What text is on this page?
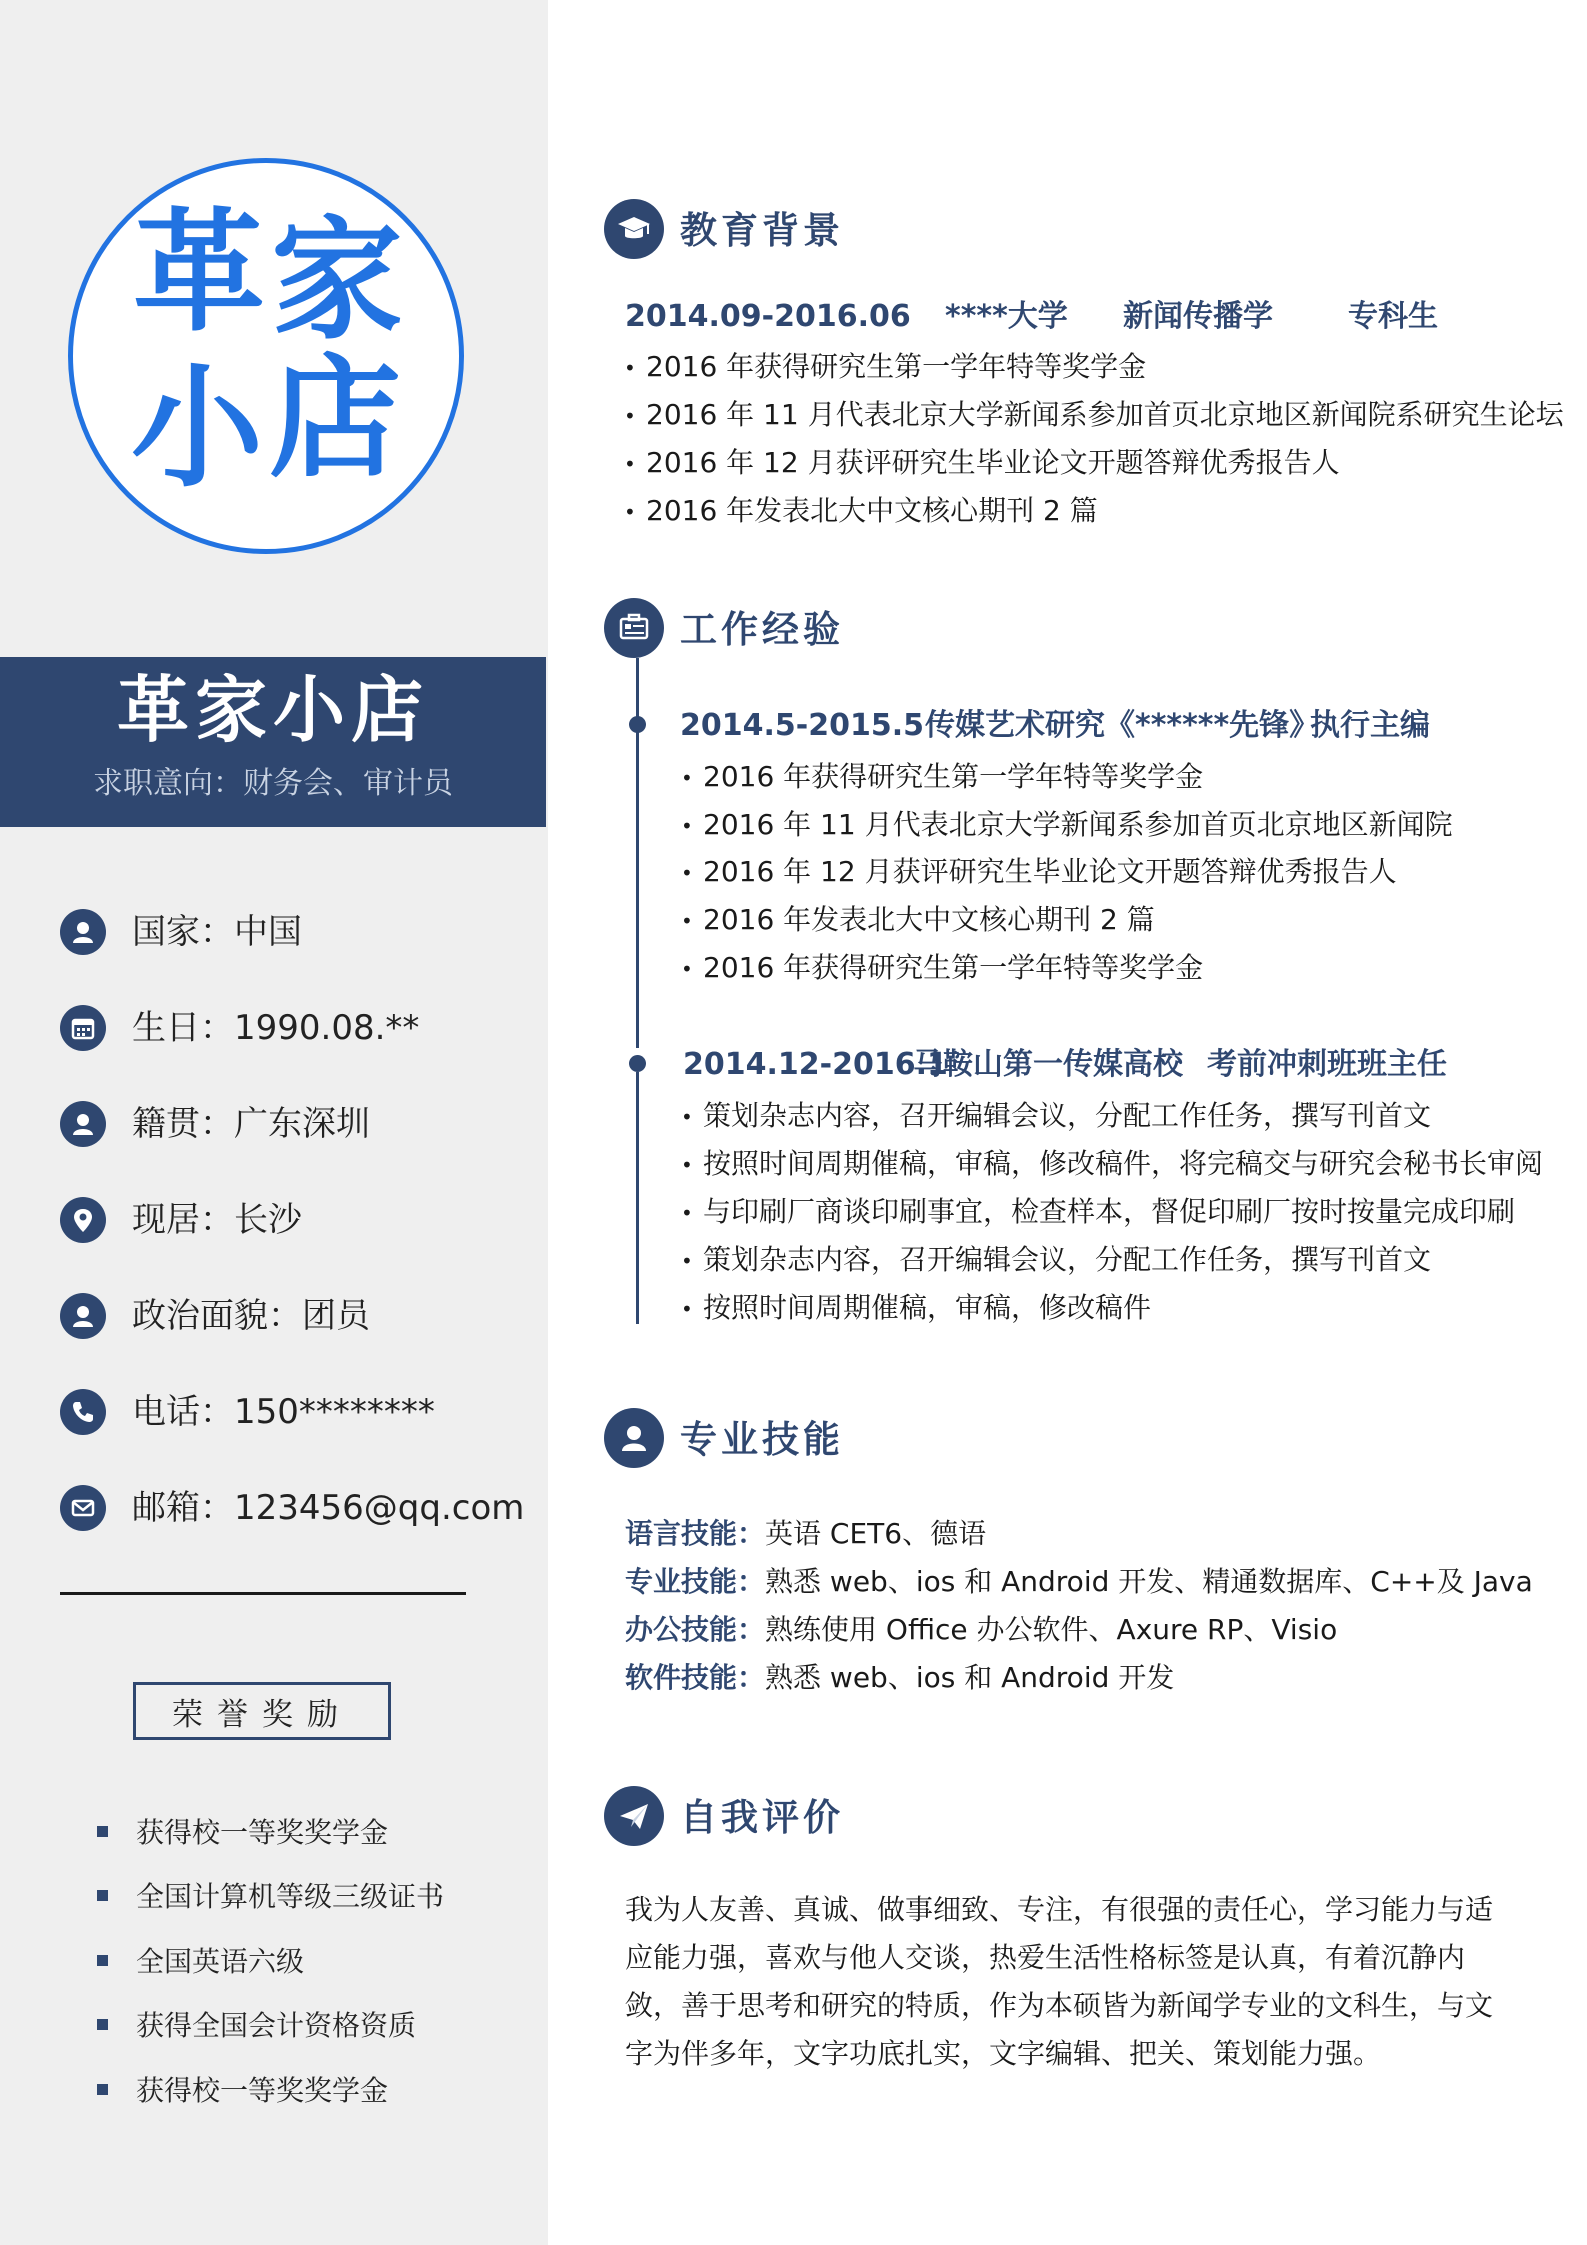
革 家
小 店
革家小店
求职意向：财务会、审计员
国家：中国
生日：1990.08.**
籍贯：广东深圳
现居：长沙
政治面貌：团员
电话：150********
邮箱：123456@qq.com
荣誉奖励
获得校一等奖奖学金
全国计算机等级三级证书
全国英语六级
获得全国会计资格资质
获得校一等奖奖学金
教育背景
2014.09-2016.06 ****大学 新闻传播学	专科生
• 2016 年获得研究生第一学年特等奖学金
• 2016 年 11 月代表北京大学新闻系参加首页北京地区新闻院系研究生论坛
• 2016 年 12 月获评研究生毕业论文开题答辩优秀报告人
• 2016 年发表北大中文核心期刊 2 篇
工作经验
2014.5-2015.5 传媒艺术研究《******先锋》
执行主编
• 2016 年获得研究生第一学年特等奖学金
• 2016 年 11 月代表北京大学新闻系参加首页北京地区新闻院
• 2016 年 12 月获评研究生毕业论文开题答辩优秀报告人
• 2016 年发表北大中文核心期刊 2 篇
• 2016 年获得研究生第一学年特等奖学金
2014.12-2016.1
马鞍山第一传媒高校 考前冲刺班班主任
• 策划杂志内容，召开编辑会议，分配工作任务，撰写刊首文
• 按照时间周期催稿，审稿，修改稿件，将完稿交与研究会秘书长审阅
• 与印刷厂商谈印刷事宜，检查样本，督促印刷厂按时按量完成印刷
• 策划杂志内容，召开编辑会议，分配工作任务，撰写刊首文
• 按照时间周期催稿，审稿，修改稿件
专业技能
语言技能：英语 CET6、德语
专业技能：熟悉 web、ios 和 Android 开发、精通数据库、C++及 Java
办公技能：熟练使用 Office 办公软件、Axure RP、Visio
软件技能：熟悉 web、ios 和 Android 开发
自我评价
我为人友善、真诚、做事细致、专注，有很强的责任心，学习能力与适应能力强，喜欢与他人交谈，热爱生活性格标签是认真，有着沉静内敛，善于思考和研究的特质，作为本硕皆为新闻学专业的文科生，与文字为伴多年，文字功底扎实，文字编辑、把关、策划能力强。
